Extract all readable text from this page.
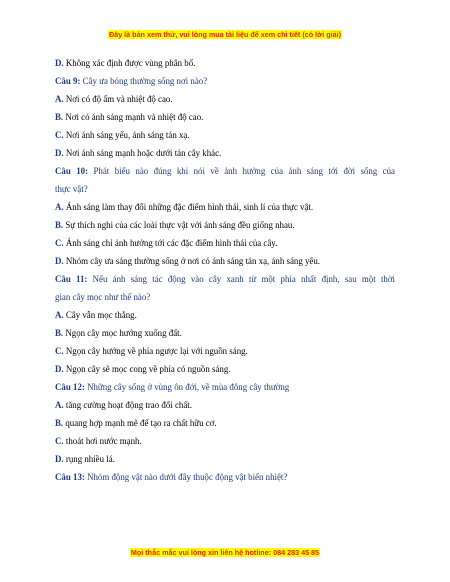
Đây là bản xem thử, vui lòng mua tài liệu để xem chi tiết (có lời giải)
D. Không xác định được vùng phân bố.
Câu 9: Cây ưa bóng thường sống nơi nào?
A. Nơi có độ ẩm và nhiệt độ cao.
B. Nơi có ánh sáng mạnh và nhiệt độ cao.
C. Nơi ánh sáng yếu, ánh sáng tán xạ.
D. Nơi ánh sáng mạnh hoặc dưới tán cây khác.
Câu 10: Phát biểu nào đúng khi nói về ảnh hưởng của ánh sáng tới đời sống của
thực vật?
A. Ánh sáng làm thay đổi những đặc điểm hình thái, sinh lí của thực vật.
B. Sự thích nghi của các loài thực vật với ánh sáng đều giống nhau.
C. Ánh sáng chỉ ảnh hưởng tới các đặc điểm hình thái của cây.
D. Nhóm cây ưa sáng thường sống ở nơi có ánh sáng tán xạ, ánh sáng yếu.
Câu 11: Nếu ánh sáng tác động vào cây xanh từ một phía nhất định, sau một thời
gian cây mọc như thế nào?
A. Cây vẫn mọc thẳng.
B. Ngọn cây mọc hướng xuống đất.
C. Ngọn cây hướng về phía ngược lại với nguồn sáng.
D. Ngọn cây sẽ mọc cong về phía có nguồn sáng.
Câu 12: Những cây sống ở vùng ôn đới, về mùa đông cây thường
A. tăng cường hoạt động trao đổi chất.
B. quang hợp mạnh mẽ để tạo ra chất hữu cơ.
C. thoát hơi nước mạnh.
D. rụng nhiều lá.
Câu 13: Nhóm động vật nào dưới đây thuộc động vật biến nhiệt?
Mọi thắc mắc vui lòng xin liên hệ hotline: 084 283 45 85
